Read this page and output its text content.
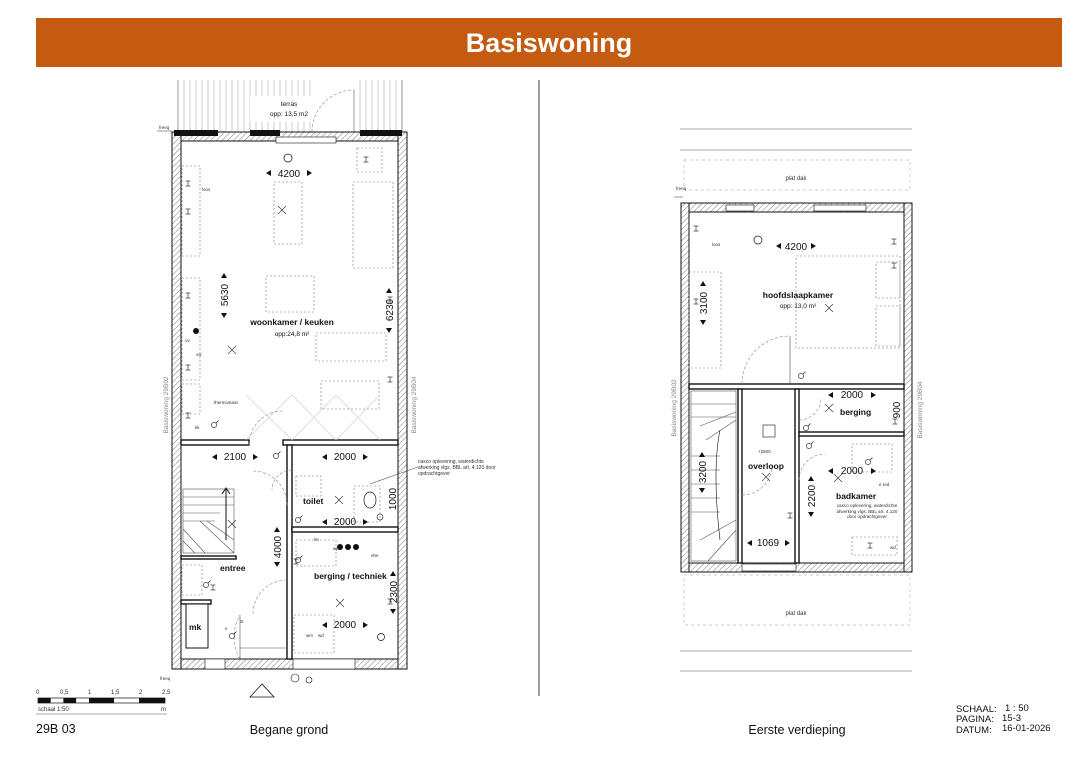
Basiswoning
terras
opp: 13,5 m2
freeq
freeq
mk
loos
thermostaat
ov
vw
kk
wp
ehe
st
wm wd
lm
e
woonkamer / keuken
opp:24,8 m²
toilet
entree
berging / techniek
4200
5630
6230
2100	2000
1000
2000
4000
2300
2000
Basiswoning 29B02	Basiswoning 29B04
casco oplevering, waterdichte afwerking vlgs. BBL art. 4.120 door opdrachtgever
plat dak
plat dak
freeq
loos
e.red
wd
+2600
hoofdslaapkamer
opp: 13,0 m²
berging
overloop
badkamer
4200
3100
2000
900
2000
3200
2200
1069
Basiswoning 29B02	Basiswoning 29B04
casco oplevering, waterdichte afwerking vlgs. BBL art. 4.120 door opdrachtgever
0	0,5	1	1,5	2	2,5
schaal 1:50	m
29B 03	Begane grond	Eerste verdieping
SCHAAL: 1 : 50
PAGINA: 15-3
DATUM: 16-01-2026
